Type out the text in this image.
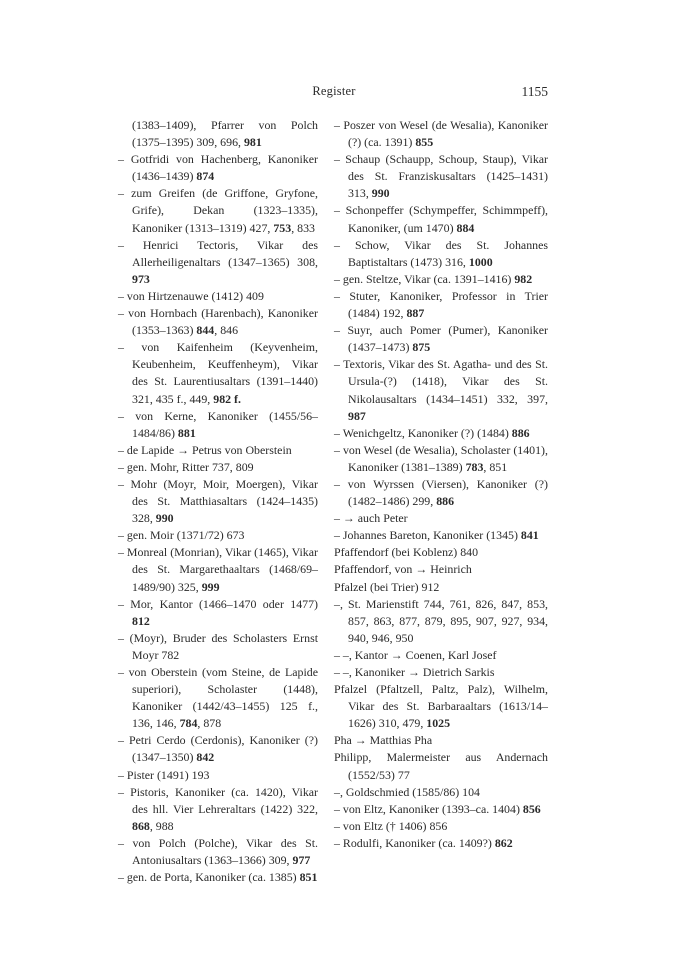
Register	1155
(1383–1409), Pfarrer von Polch (1375–1395) 309, 696, 981
– Gotfridi von Hachenberg, Kanoniker (1436–1439) 874
– zum Greifen (de Griffone, Gryfone, Grife), Dekan (1323–1335), Kanoniker (1313–1319) 427, 753, 833
– Henrici Tectoris, Vikar des Allerheiligenaltars (1347–1365) 308, 973
– von Hirtzenauwe (1412) 409
– von Hornbach (Harenbach), Kanoniker (1353–1363) 844, 846
– von Kaifenheim (Keyvenheim, Keubenheim, Keuffenheym), Vikar des St. Laurentiusaltars (1391–1440) 321, 435 f., 449, 982 f.
– von Kerne, Kanoniker (1455/56–1484/86) 881
– de Lapide → Petrus von Oberstein
– gen. Mohr, Ritter 737, 809
– Mohr (Moyr, Moir, Moergen), Vikar des St. Matthiasaltars (1424–1435) 328, 990
– gen. Moir (1371/72) 673
– Monreal (Monrian), Vikar (1465), Vikar des St. Margarethaaltars (1468/69–1489/90) 325, 999
– Mor, Kantor (1466–1470 oder 1477) 812
– (Moyr), Bruder des Scholasters Ernst Moyr 782
– von Oberstein (vom Steine, de Lapide superiori), Scholaster (1448), Kanoniker (1442/43–1455) 125 f., 136, 146, 784, 878
– Petri Cerdo (Cerdonis), Kanoniker (?) (1347–1350) 842
– Pister (1491) 193
– Pistoris, Kanoniker (ca. 1420), Vikar des hll. Vier Lehreraltars (1422) 322, 868, 988
– von Polch (Polche), Vikar des St. Antoniusaltars (1363–1366) 309, 977
– gen. de Porta, Kanoniker (ca. 1385) 851
– Poszer von Wesel (de Wesalia), Kanoniker (?) (ca. 1391) 855
– Schaup (Schaupp, Schoup, Staup), Vikar des St. Franziskusaltars (1425–1431) 313, 990
– Schonpeffer (Schympeffer, Schimmpeff), Kanoniker, (um 1470) 884
– Schow, Vikar des St. Johannes Baptistaltars (1473) 316, 1000
– gen. Steltze, Vikar (ca. 1391–1416) 982
– Stuter, Kanoniker, Professor in Trier (1484) 192, 887
– Suyr, auch Pomer (Pumer), Kanoniker (1437–1473) 875
– Textoris, Vikar des St. Agatha- und des St. Ursula-(?) (1418), Vikar des St. Nikolausaltars (1434–1451) 332, 397, 987
– Wenichgeltz, Kanoniker (?) (1484) 886
– von Wesel (de Wesalia), Scholaster (1401), Kanoniker (1381–1389) 783, 851
– von Wyrssen (Viersen), Kanoniker (?) (1482–1486) 299, 886
– → auch Peter
– Johannes Bareton, Kanoniker (1345) 841
Pfaffendorf (bei Koblenz) 840
Pfaffendorf, von → Heinrich
Pfalzel (bei Trier) 912
–, St. Marienstift 744, 761, 826, 847, 853, 857, 863, 877, 879, 895, 907, 927, 934, 940, 946, 950
– –, Kantor → Coenen, Karl Josef
– –, Kanoniker → Dietrich Sarkis
Pfalzel (Pfaltzell, Paltz, Palz), Wilhelm, Vikar des St. Barbaraaltars (1613/14–1626) 310, 479, 1025
Pha → Matthias Pha
Philipp, Malermeister aus Andernach (1552/53) 77
–, Goldschmied (1585/86) 104
– von Eltz, Kanoniker (1393–ca. 1404) 856
– von Eltz († 1406) 856
– Rodulfi, Kanoniker (ca. 1409?) 862
